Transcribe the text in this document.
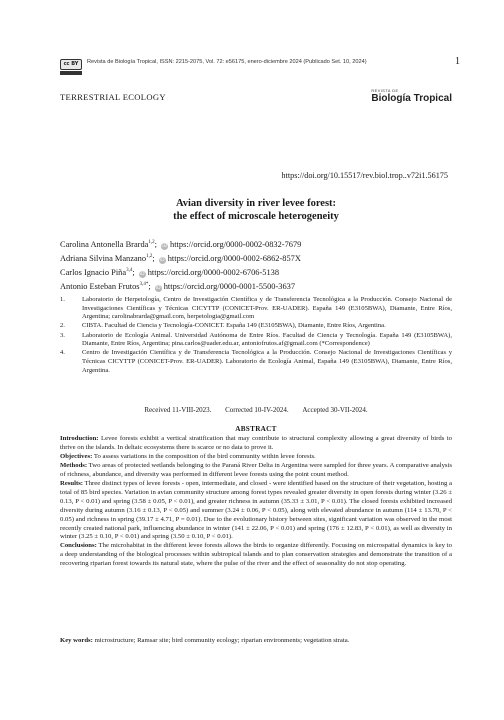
cc BY	Revista de Biología Tropical, ISSN: 2215-2075, Vol. 72: e56175, enero-diciembre 2024 (Publicado Set. 10, 2024)	1
TERRESTRIAL ECOLOGY
REVISTA DE
Biología Tropical
https://doi.org/10.15517/rev.biol.trop..v72i1.56175
Avian diversity in river levee forest:
the effect of microscale heterogeneity
Carolina Antonella Brarda$^{1,2}$; iD https://orcid.org/0000-0002-0832-7679
Adriana Silvina Manzano$^{1,2}$; iD https://orcid.org/0000-0002-6862-857X
Carlos Ignacio Piña$^{3,4}$; iD https://orcid.org/0000-0002-6706-5138
Antonio Esteban Frutos$^{3,4*}$; iD https://orcid.org/0000-0001-5500-3637
1.	Laboratorio de Herpetología, Centro de Investigación Científica y de Transferencia Tecnológica a la Producción. Consejo Nacional de Investigaciones Científicas y Técnicas CICYTTP (CONICET-Prov. ER-UADER). España 149 (E3105BWA), Diamante, Entre Ríos, Argentina; carolinabrarda@gmail.com, herpetologia@gmail.com
2.	CIBTA. Facultad de Ciencia y Tecnología-CONICET. España 149 (E3105BWA), Diamante, Entre Ríos, Argentina.
3.	Laboratorio de Ecología Animal. Universidad Autónoma de Entre Ríos. Facultad de Ciencia y Tecnología. España 149 (E3105BWA), Diamante, Entre Ríos, Argentina; pina.carlos@uader.edu.ar, antoniofrutos.af@gmail.com (*Correspondence)
4.	Centro de Investigación Científica y de Transferencia Tecnológica a la Producción. Consejo Nacional de Investigaciones Científicas y Técnicas CICYTTP (CONICET-Prov. ER-UADER). Laboratorio de Ecología Animal, España 149 (E3105BWA), Diamante, Entre Ríos, Argentina.
Received 11-VIII-2023. Corrected 10-IV-2024. Accepted 30-VII-2024.
ABSTRACT

Introduction: Levee forests exhibit a vertical stratification that may contribute to structural complexity allowing a great diversity of birds to thrive on the islands. In deltaic ecosystems there is scarce or no data to prove it.

Objectives: To assess variations in the composition of the bird community within levee forests.

Methods: Two areas of protected wetlands belonging to the Paraná River Delta in Argentina were sampled for three years. A comparative analysis of richness, abundance, and diversity was performed in different levee forests using the point count method.

Results: Three distinct types of levee forests - open, intermediate, and closed - were identified based on the structure of their vegetation, hosting a total of 85 bird species. Variation in avian community structure among forest types revealed greater diversity in open forests during winter (3.26 ± 0.13, P < 0.01) and spring (3.58 ± 0.05, P < 0.01), and greater richness in autumn (35.33 ± 3.01, P < 0.01). The closed forests exhibited increased diversity during autumn (3.16 ± 0.13, P < 0.05) and summer (3.24 ± 0.06, P < 0.05), along with elevated abundance in autumn (114 ± 13.70, P < 0.05) and richness in spring (39.17 ± 4.71, P = 0.01). Due to the evolutionary history between sites, significant variation was observed in the most recently created national park, influencing abundance in winter (141 ± 22.06, P < 0.01) and spring (176 ± 12.83, P < 0.01), as well as diversity in winter (3.25 ± 0.10, P < 0.01) and spring (3.50 ± 0.10, P < 0.01).

Conclusions: The microhabitat in the different levee forests allows the birds to organize differently. Focusing on microspatial dynamics is key to a deep understanding of the biological processes within subtropical islands and to plan conservation strategies and demonstrate the transition of a recovering riparian forest towards its natural state, where the pulse of the river and the effect of seasonality do not stop operating.

Key words: microstructure; Ramsar site; bird community ecology; riparian environments; vegetation strata.
